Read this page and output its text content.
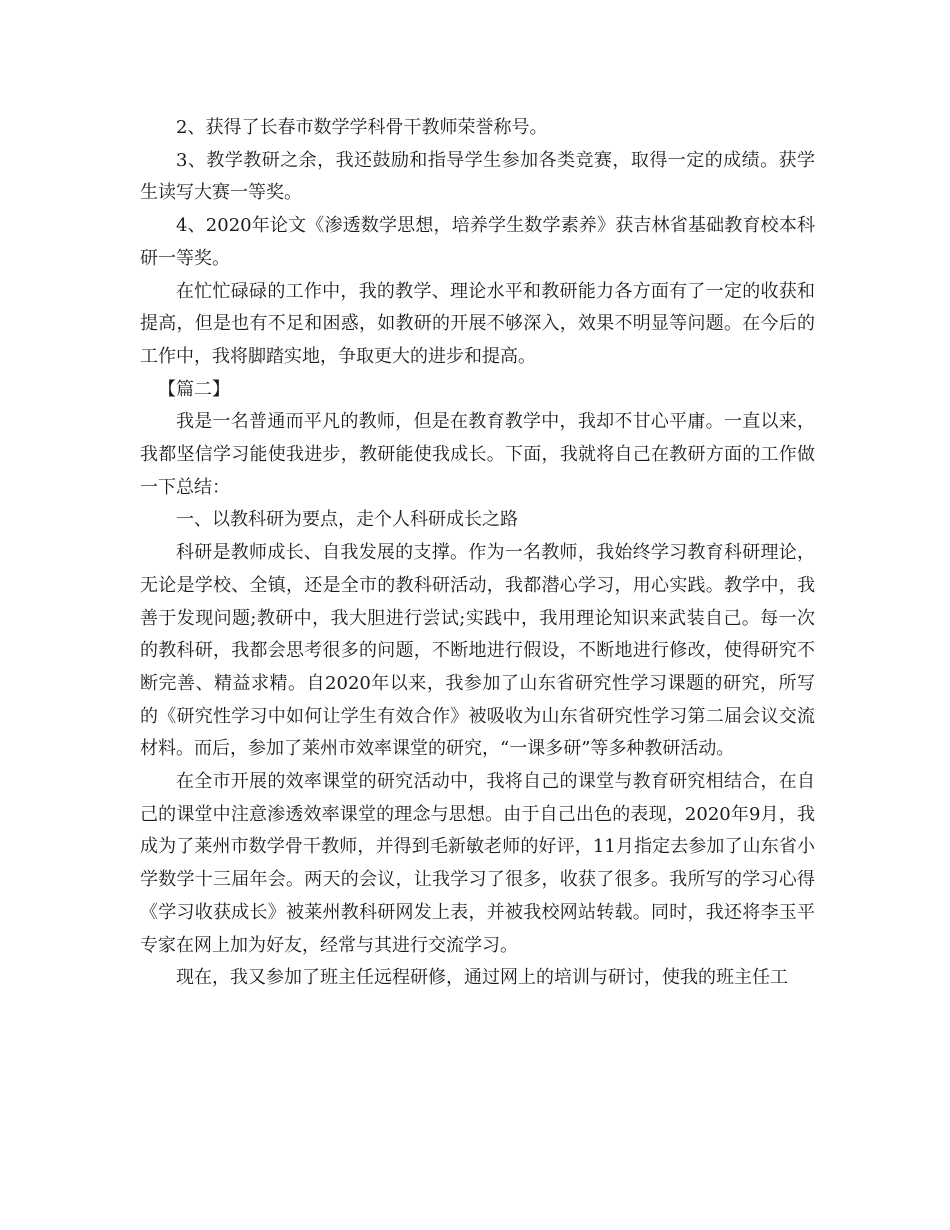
2、获得了长春市数学学科骨干教师荣誉称号。

3、教学教研之余，我还鼓励和指导学生参加各类竞赛，取得一定的成绩。获学生读写大赛一等奖。

4、2020年论文《渗透数学思想，培养学生数学素养》获吉林省基础教育校本科研一等奖。

在忙忙碌碌的工作中，我的教学、理论水平和教研能力各方面有了一定的收获和提高，但是也有不足和困惑，如教研的开展不够深入，效果不明显等问题。在今后的工作中，我将脚踏实地，争取更大的进步和提高。

【篇二】

我是一名普通而平凡的教师，但是在教育教学中，我却不甘心平庸。一直以来，我都坚信学习能使我进步，教研能使我成长。下面，我就将自己在教研方面的工作做一下总结：

一、以教科研为要点，走个人科研成长之路

科研是教师成长、自我发展的支撑。作为一名教师，我始终学习教育科研理论，无论是学校、全镇，还是全市的教科研活动，我都潜心学习，用心实践。教学中，我善于发现问题;教研中，我大胆进行尝试;实践中，我用理论知识来武装自己。每一次的教科研，我都会思考很多的问题，不断地进行假设，不断地进行修改，使得研究不断完善、精益求精。自2020年以来，我参加了山东省研究性学习课题的研究，所写的《研究性学习中如何让学生有效合作》被吸收为山东省研究性学习第二届会议交流材料。而后，参加了莱州市效率课堂的研究，“一课多研”等多种教研活动。

在全市开展的效率课堂的研究活动中，我将自己的课堂与教育研究相结合，在自己的课堂中注意渗透效率课堂的理念与思想。由于自己出色的表现，2020年9月，我成为了莱州市数学骨干教师，并得到毛新敏老师的好评，11月指定去参加了山东省小学数学十三届年会。两天的会议，让我学习了很多，收获了很多。我所写的学习心得《学习收获成长》被莱州教科研网发上表，并被我校网站转载。同时，我还将李玉平专家在网上加为好友，经常与其进行交流学习。

现在，我又参加了班主任远程研修，通过网上的培训与研讨，使我的班主任工
